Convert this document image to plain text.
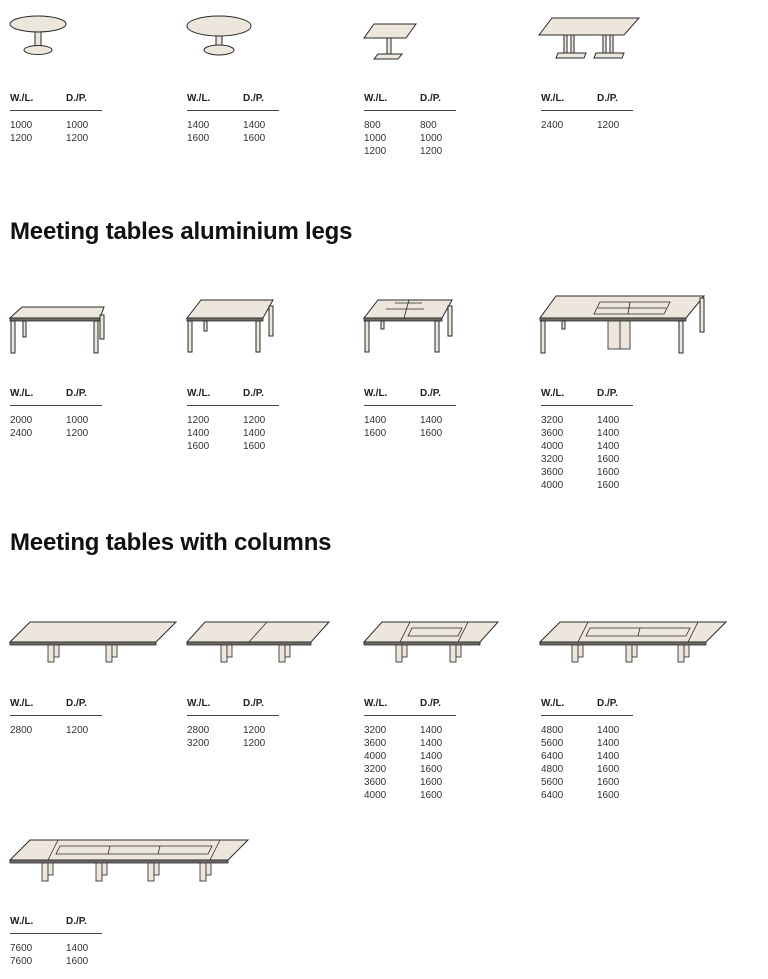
Meeting tables aluminium legs
Meeting tables with columns
W./L.	D./P.
1000	1000
1200	1200
W./L.	D./P.
1400	1400
1600	1600
W./L.	D./P.
800	800
1000	1000
1200	1200
W./L.	D./P.
2400	1200
W./L.	D./P.
2000	1000
2400	1200
W./L.	D./P.
1200	1200
1400	1400
1600	1600
W./L.	D./P.
1400	1400
1600	1600
W./L.	D./P.
3200	1400
3600	1400
4000	1400
3200	1600
3600	1600
4000	1600
W./L.	D./P.
2800	1200
W./L.	D./P.
2800	1200
3200	1200
W./L.	D./P.
3200	1400
3600	1400
4000	1400
3200	1600
3600	1600
4000	1600
W./L.	D./P.
4800	1400
5600	1400
6400	1400
4800	1600
5600	1600
6400	1600
W./L.	D./P.
7600	1400
7600	1600
